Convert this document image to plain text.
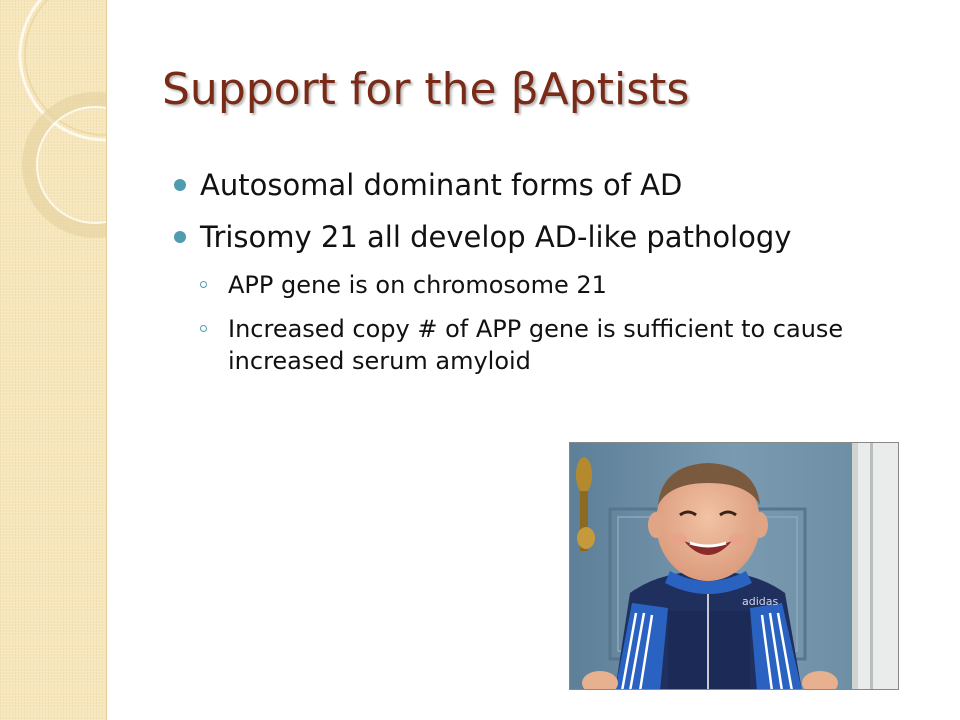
Support for the βAptists
Autosomal dominant forms of AD
Trisomy 21 all develop AD-like pathology
APP gene is on chromosome 21
Increased copy # of APP gene is sufficient to cause increased serum amyloid
adidas
